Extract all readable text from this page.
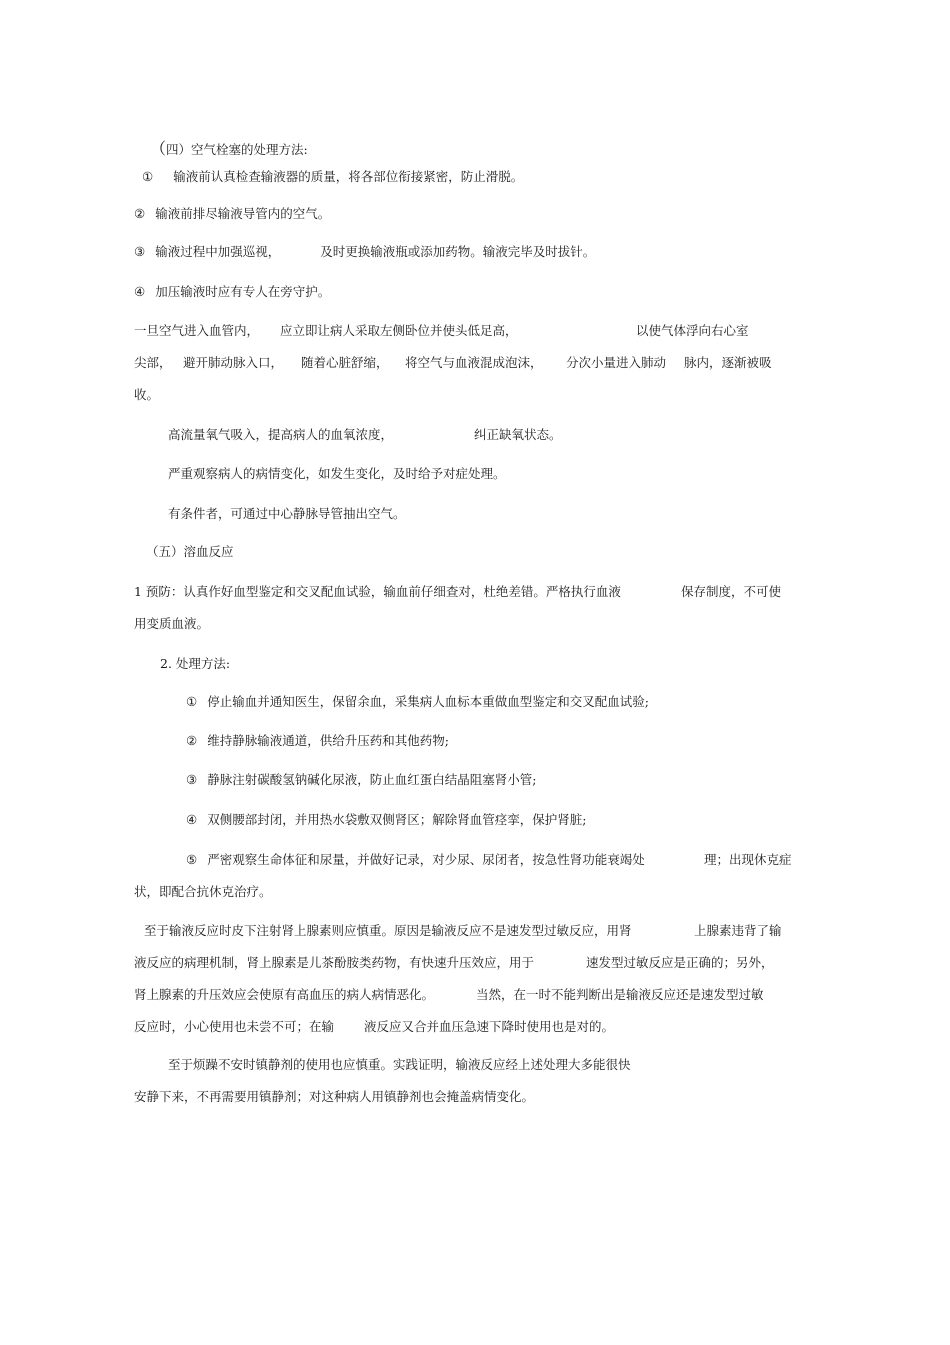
（四）空气栓塞的处理方法:
① 输液前认真检查输液器的质量，将各部位衔接紧密，防止滑脱。
② 输液前排尽输液导管内的空气。
③ 输液过程中加强巡视，	及时更换输液瓶或添加药物。输液完毕及时拔针。
④ 加压输液时应有专人在旁守护。
一旦空气进入血管内， 应立即让病人采取左侧卧位并使头低足高，	以使气体浮向右心室
尖部， 避开肺动脉入口， 随着心脏舒缩， 将空气与血液混成泡沫， 分次小量进入肺动 脉内，逐渐被吸
收。
高流量氧气吸入，提高病人的血氧浓度，	纠正缺氧状态。
严重观察病人的病情变化，如发生变化，及时给予对症处理。
有条件者，可通过中心静脉导管抽出空气。
（五）溶血反应
1 预防：认真作好血型鉴定和交叉配血试验，输血前仔细查对，杜绝差错。严格执行血液	保存制度，不可使
用变质血液。
2. 处理方法:
① 停止输血并通知医生，保留余血，采集病人血标本重做血型鉴定和交叉配血试验;
② 维持静脉输液通道，供给升压药和其他药物;
③ 静脉注射碳酸氢钠碱化尿液，防止血红蛋白结晶阻塞肾小管;
④ 双侧腰部封闭，并用热水袋敷双侧肾区；解除肾血管痉挛，保护肾脏;
⑤ 严密观察生命体征和尿量，并做好记录，对少尿、尿闭者，按急性肾功能衰竭处	理；出现休克症
状，即配合抗休克治疗。
至于输液反应时皮下注射肾上腺素则应慎重。原因是输液反应不是速发型过敏反应，用肾	上腺素违背了输
液反应的病理机制，肾上腺素是儿茶酚胺类药物，有快速升压效应，用于	速发型过敏反应是正确的；另外，
肾上腺素的升压效应会使原有高血压的病人病情恶化。	当然，在一时不能判断出是输液反应还是速发型过敏
反应时，小心使用也未尝不可；在输 液反应又合并血压急速下降时使用也是对的。
至于烦躁不安时镇静剂的使用也应慎重。实践证明，输液反应经上述处理大多能很快
安静下来，不再需要用镇静剂；对这种病人用镇静剂也会掩盖病情变化。
